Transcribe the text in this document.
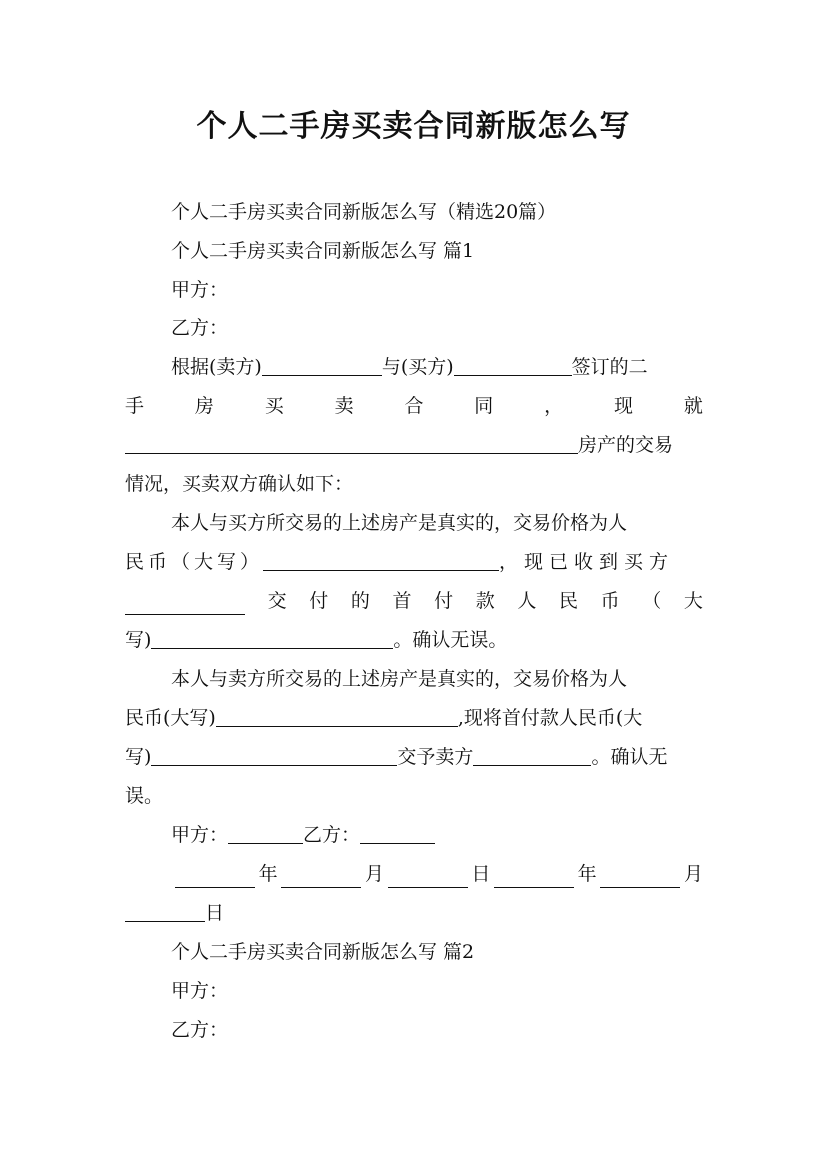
个人二手房买卖合同新版怎么写
个人二手房买卖合同新版怎么写（精选20篇）
个人二手房买卖合同新版怎么写 篇1
甲方：
乙方：
根据(卖方)	与(买方)	签订的二
手	房	买	卖	合	同	，	现	就
房产的交易
情况，买卖双方确认如下：
本人与买方所交易的上述房产是真实的，交易价格为人
民币（大写）	，现已收到买方
交 付 的 首 付 款 人 民 币 （ 大
写)	。确认无误。
本人与卖方所交易的上述房产是真实的，交易价格为人
民币(大写)	,现将首付款人民币(大
写)	交予卖方	。确认无
误。
甲方：	乙方：
年	月	日	年	月
日
个人二手房买卖合同新版怎么写 篇2
甲方：
乙方：
